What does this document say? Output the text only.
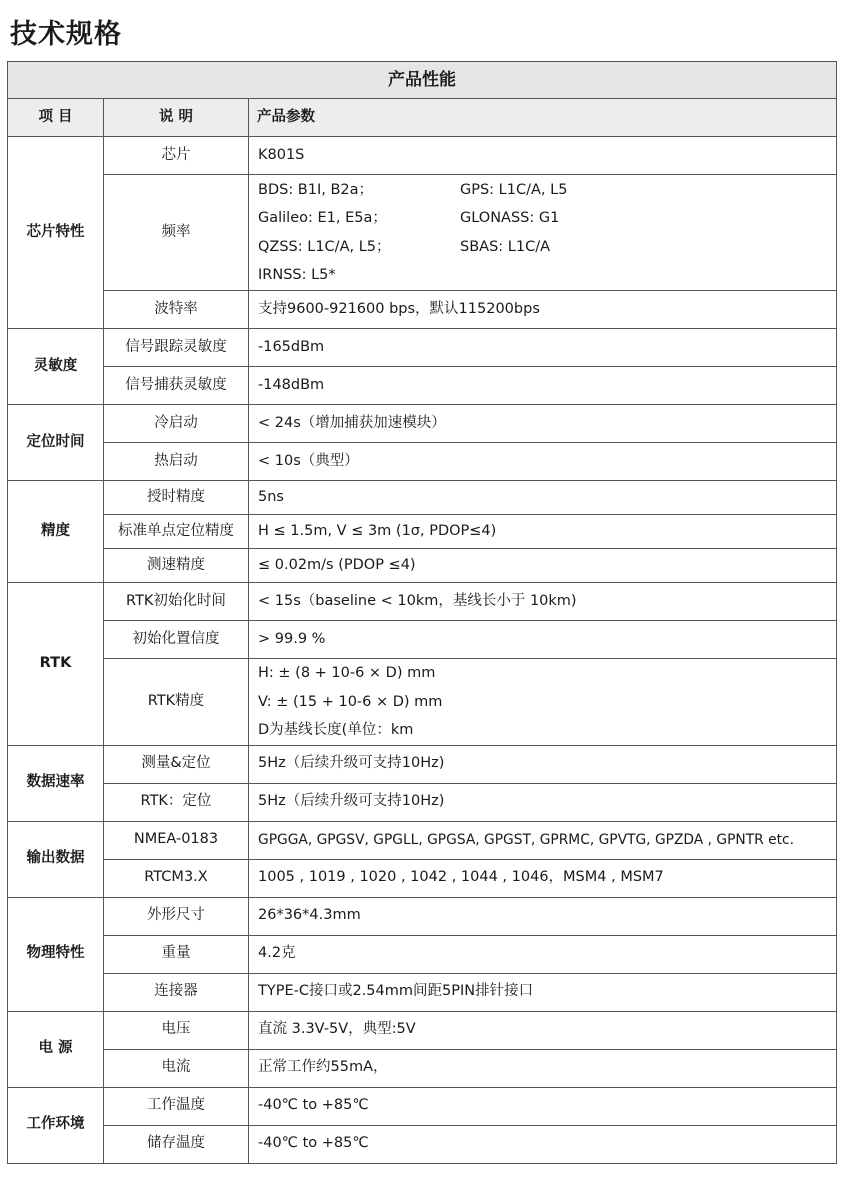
技术规格
产品性能		
项 目	说 明	产品参数
芯片特性	芯片	K801S
	频率	BDS: B1I, B2a； GPS: L1C/A, L5
Galileo: E1, E5a； GLONASS: G1
QZSS: L1C/A, L5； SBAS: L1C/A
IRNSS: L5*

	波特率	支持9600-921600 bps，默认115200bps
灵敏度	信号跟踪灵敏度	-165dBm
	信号捕获灵敏度	-148dBm
定位时间	冷启动	< 24s（增加捕获加速模块）
	热启动	< 10s（典型）
精度	授时精度	5ns
	标准单点定位精度	H ≤ 1.5m, V ≤ 3m (1σ, PDOP≤4)
	测速精度	≤ 0.02m/s (PDOP ≤4)
RTK	RTK初始化时间	< 15s（baseline < 10km，基线长小于 10km)
	初始化置信度	> 99.9 %
	RTK精度	H: ± (8 + 10-6 × D) mm
V: ± (15 + 10-6 × D) mm
D为基线长度(单位：km

数据速率	测量&定位	5Hz（后续升级可支持10Hz)
	RTK：定位	5Hz（后续升级可支持10Hz)
输出数据	NMEA-0183	GPGGA, GPGSV, GPGLL, GPGSA, GPGST, GPRMC, GPVTG, GPZDA , GPNTR etc.
	RTCM3.X	1005 , 1019 , 1020 , 1042 , 1044 , 1046，MSM4 , MSM7
物理特性	外形尺寸	26*36*4.3mm
	重量	4.2克
	连接器	TYPE-C接口或2.54mm间距5PIN排针接口
电 源	电压	直流 3.3V-5V，典型:5V
	电流	正常工作约55mA，
工作环境	工作温度	-40℃ to +85℃
	储存温度	-40℃ to +85℃
